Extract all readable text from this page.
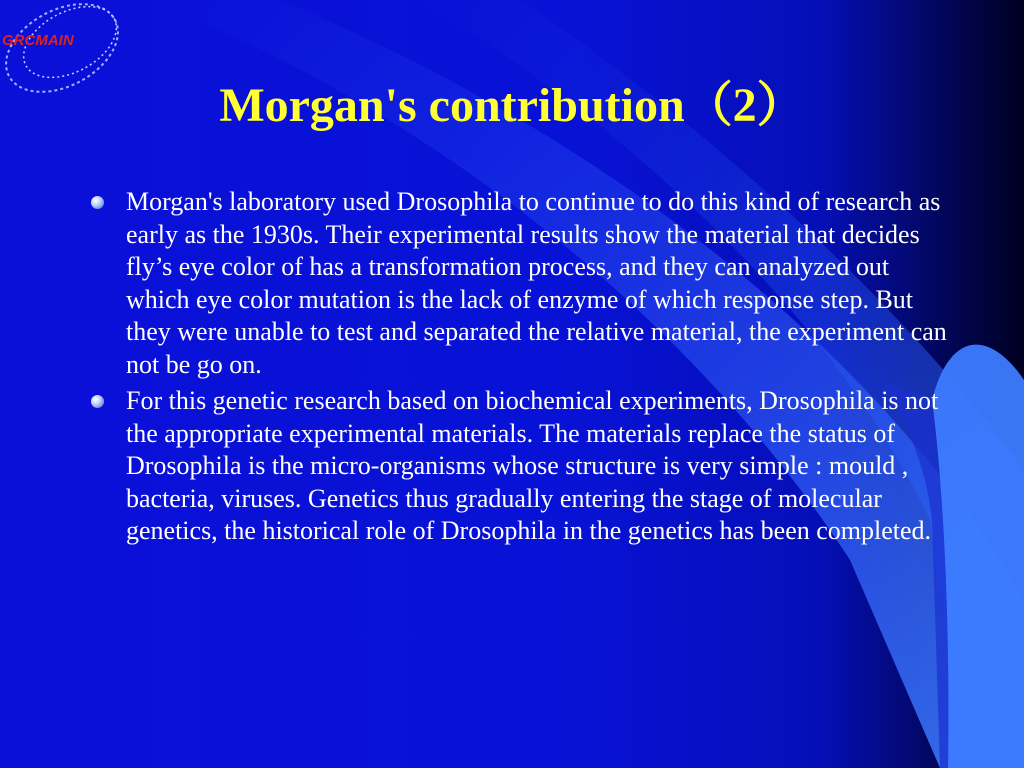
GRCMAIN
Morgan's contribution（2）
Morgan's laboratory used Drosophila to continue to do this kind of research as early as the 1930s. Their experimental results show the material that decides fly’s eye color of has a transformation process, and they can analyzed out which eye color mutation is the lack of enzyme of which response step. But they were unable to test and separated the relative material, the experiment can not be go on.
For this genetic research based on biochemical experiments, Drosophila is not the appropriate experimental materials. The materials replace the status of Drosophila is the micro-organisms whose structure is very simple : mould , bacteria, viruses. Genetics thus gradually entering the stage of molecular genetics, the historical role of Drosophila in the genetics has been completed.
